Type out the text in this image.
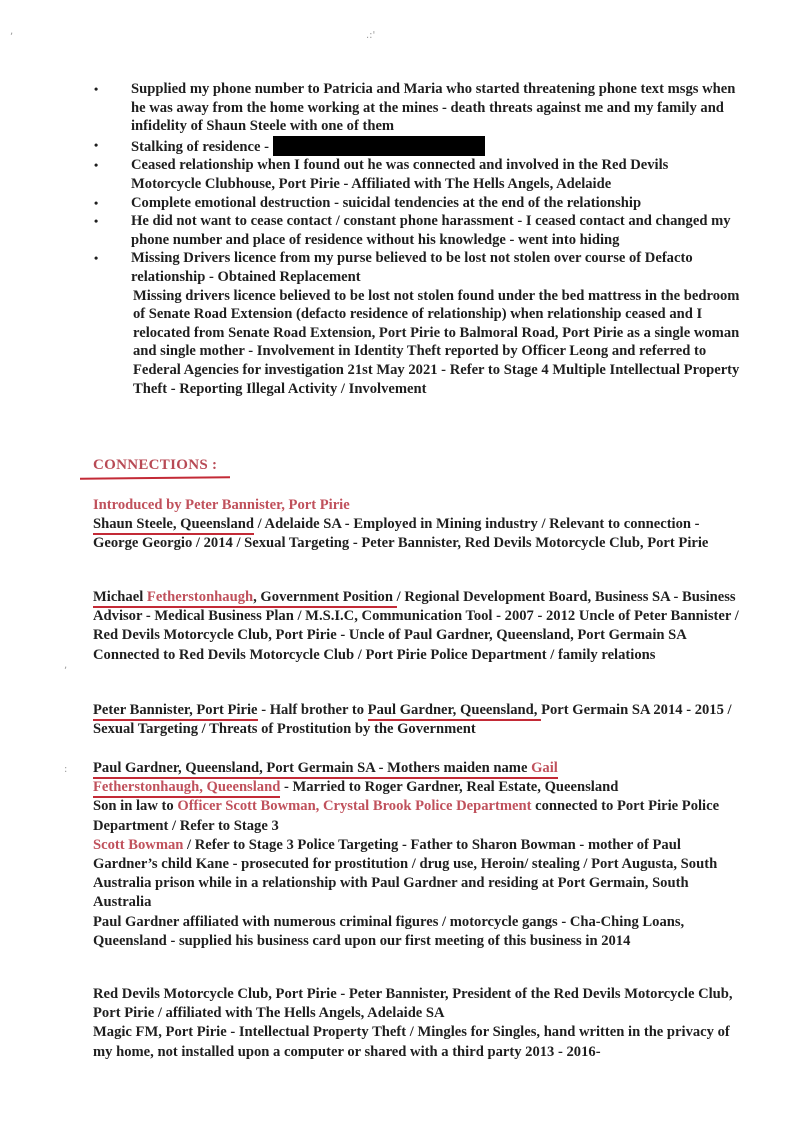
,	.:'
,
:
• Supplied my phone number to Patricia and Maria who started threatening phone text msgs when he was away from the home working at the mines - death threats against me and my family and infidelity of Shaun Steele with one of them
• Stalking of residence -
• Ceased relationship when I found out he was connected and involved in the Red Devils Motorcycle Clubhouse, Port Pirie - Affiliated with The Hells Angels, Adelaide
• Complete emotional destruction - suicidal tendencies at the end of the relationship
• He did not want to cease contact / constant phone harassment - I ceased contact and changed my phone number and place of residence without his knowledge - went into hiding
• Missing Drivers licence from my purse believed to be lost not stolen over course of Defacto relationship - Obtained Replacement
Missing drivers licence believed to be lost not stolen found under the bed mattress in the bedroom of Senate Road Extension (defacto residence of relationship) when relationship ceased and I relocated from Senate Road Extension, Port Pirie to Balmoral Road, Port Pirie as a single woman and single mother - Involvement in Identity Theft reported by Officer Leong and referred to Federal Agencies for investigation 21st May 2021 - Refer to Stage 4 Multiple Intellectual Property Theft - Reporting Illegal Activity / Involvement
CONNECTIONS :
Introduced by Peter Bannister, Port Pirie
Shaun Steele, Queensland / Adelaide SA - Employed in Mining industry / Relevant to connection - George Georgio / 2014 / Sexual Targeting - Peter Bannister, Red Devils Motorcycle Club, Port Pirie
Michael Fetherstonhaugh, Government Position / Regional Development Board, Business SA - Business Advisor - Medical Business Plan / M.S.I.C, Communication Tool - 2007 - 2012 Uncle of Peter Bannister / Red Devils Motorcycle Club, Port Pirie - Uncle of Paul Gardner, Queensland, Port Germain SA
Connected to Red Devils Motorcycle Club / Port Pirie Police Department / family relations
Peter Bannister, Port Pirie - Half brother to Paul Gardner, Queensland, Port Germain SA 2014 - 2015 / Sexual Targeting / Threats of Prostitution by the Government
Paul Gardner, Queensland, Port Germain SA - Mothers maiden name Gail
Fetherstonhaugh, Queensland - Married to Roger Gardner, Real Estate, Queensland
Son in law to Officer Scott Bowman, Crystal Brook Police Department connected to Port Pirie Police Department / Refer to Stage 3
Scott Bowman / Refer to Stage 3 Police Targeting - Father to Sharon Bowman - mother of Paul Gardner’s child Kane - prosecuted for prostitution / drug use, Heroin/ stealing / Port Augusta, South Australia prison while in a relationship with Paul Gardner and residing at Port Germain, South Australia
Paul Gardner affiliated with numerous criminal figures / motorcycle gangs - Cha-Ching Loans, Queensland - supplied his business card upon our first meeting of this business in 2014
Red Devils Motorcycle Club, Port Pirie - Peter Bannister, President of the Red Devils Motorcycle Club, Port Pirie / affiliated with The Hells Angels, Adelaide SA
Magic FM, Port Pirie - Intellectual Property Theft / Mingles for Singles, hand written in the privacy of my home, not installed upon a computer or shared with a third party 2013 - 2016-
